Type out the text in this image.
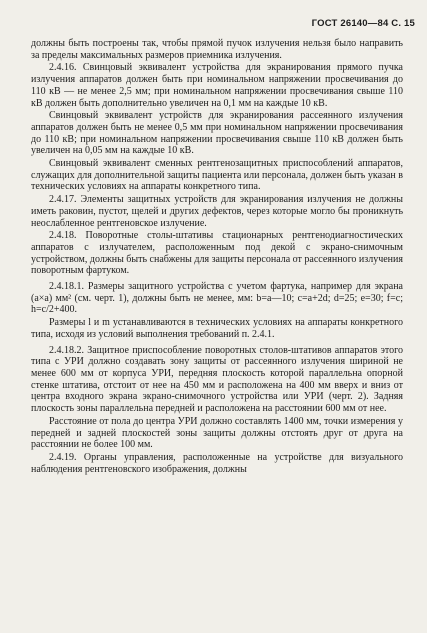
ГОСТ 26140—84 С. 15

должны быть построены так, чтобы прямой пучок излучения нельзя было направить за пределы максимальных размеров приемника излучения.

2.4.16. Свинцовый эквивалент устройства для экранирования прямого пучка излучения аппаратов должен быть при номинальном напряжении просвечивания до 110 кВ — не менее 2,5 мм; при номинальном напряжении просвечивания свыше 110 кВ должен быть дополнительно увеличен на 0,1 мм на каждые 10 кВ.

Свинцовый эквивалент устройств для экранирования рассеянного излучения аппаратов должен быть не менее 0,5 мм при номинальном напряжении просвечивания до 110 кВ; при номинальном напряжении просвечивания свыше 110 кВ должен быть увеличен на 0,05 мм на каждые 10 кВ.

Свинцовый эквивалент сменных рентгенозащитных приспособлений аппаратов, служащих для дополнительной защиты пациента или персонала, должен быть указан в технических условиях на аппараты конкретного типа.

2.4.17. Элементы защитных устройств для экранирования излучения не должны иметь раковин, пустот, щелей и других дефектов, через которые могло бы проникнуть неослабленное рентгеновское излучение.

2.4.18. Поворотные столы-штативы стационарных рентгенодиагностических аппаратов с излучателем, расположенным под декой с экрано-снимочным устройством, должны быть снабжены для защиты персонала от рассеянного излучения поворотным фартуком.

2.4.18.1. Размеры защитного устройства с учетом фартука, например для экрана (a×a) мм² (см. черт. 1), должны быть не менее, мм: b=a—10; c=a+2d; d=25; e=30; f=c; h=c/2+400.

Размеры l и m устанавливаются в технических условиях на аппараты конкретного типа, исходя из условий выполнения требований п. 2.4.1.

2.4.18.2. Защитное приспособление поворотных столов-штативов аппаратов этого типа с УРИ должно создавать зону защиты от рассеянного излучения шириной не менее 600 мм от корпуса УРИ, передняя плоскость которой параллельна опорной стенке штатива, отстоит от нее на 450 мм и расположена на 400 мм вверх и вниз от центра входного экрана экрано-снимочного устройства или УРИ (черт. 2). Задняя плоскость зоны параллельна передней и расположена на расстоянии 600 мм от нее.

Расстояние от пола до центра УРИ должно составлять 1400 мм, точки измерения у передней и задней плоскостей зоны защиты должны отстоять друг от друга на расстоянии не более 100 мм.

2.4.19. Органы управления, расположенные на устройстве для визуального наблюдения рентгеновского изображения, должны
